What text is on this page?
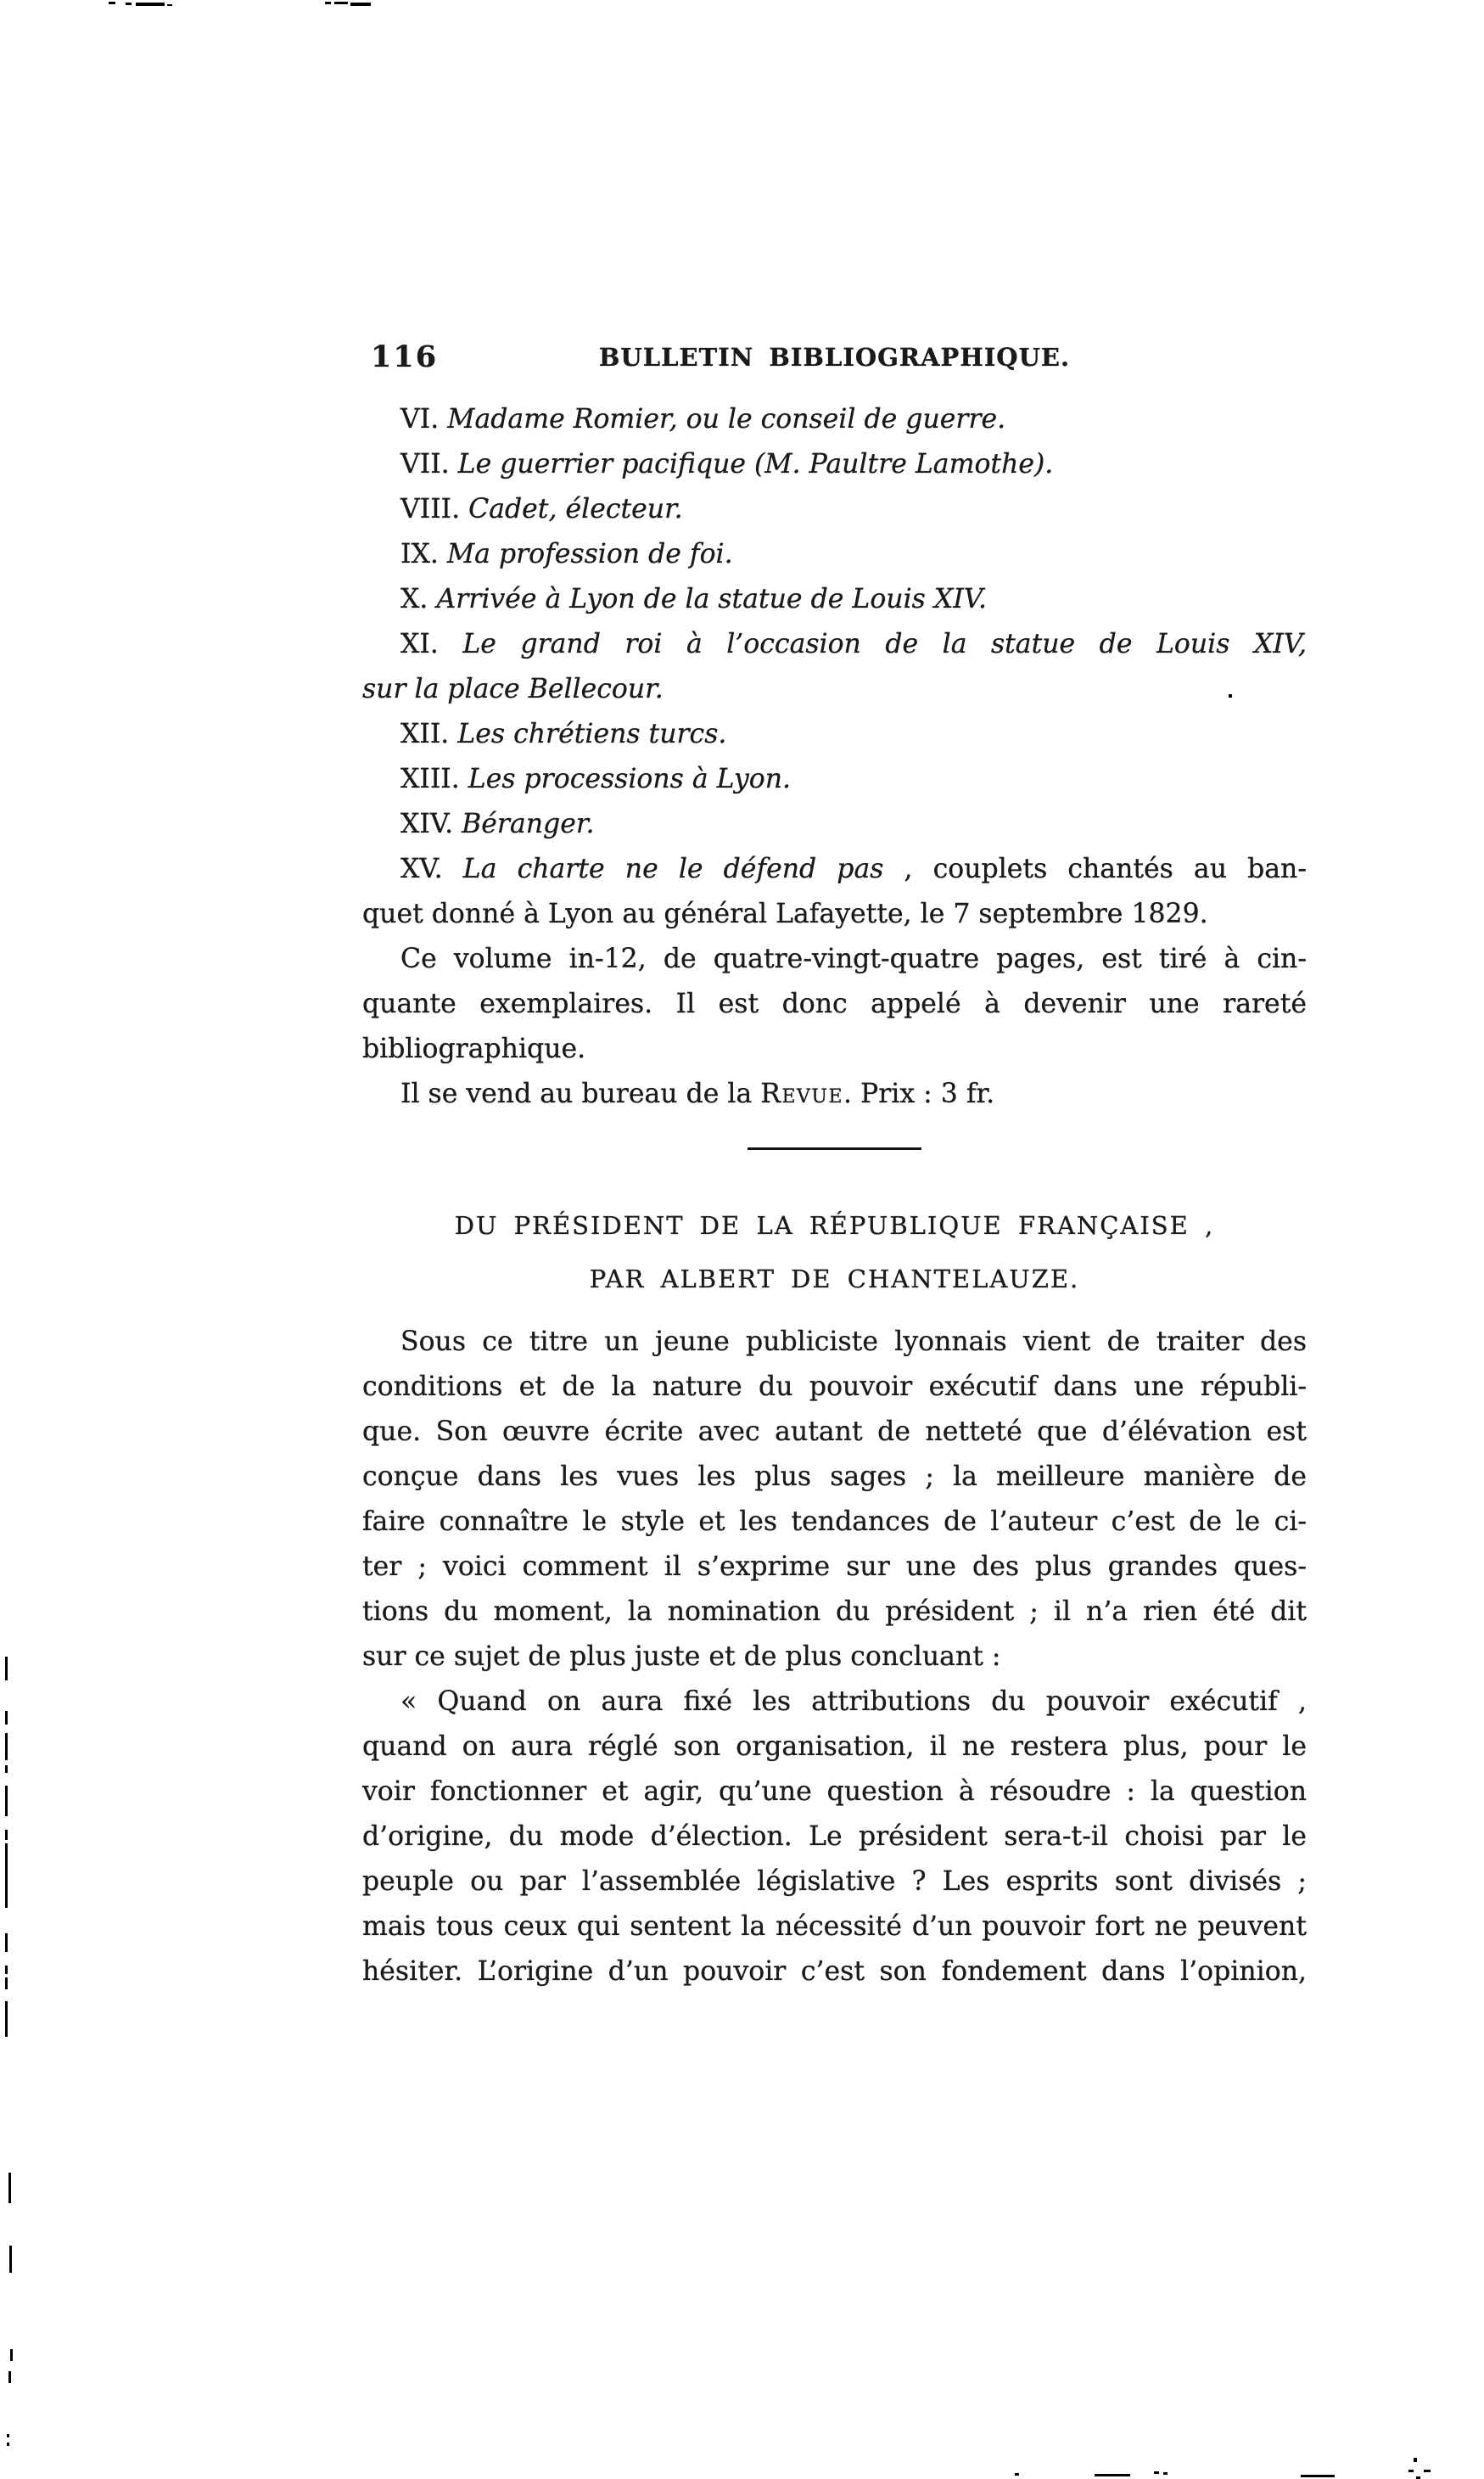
116	BULLETIN BIBLIOGRAPHIQUE.
VI. Madame Romier, ou le conseil de guerre.
VII. Le guerrier pacifique (M. Paultre Lamothe).
VIII. Cadet, électeur.
IX. Ma profession de foi.
X. Arrivée à Lyon de la statue de Louis XIV.
XI. Le grand roi à l’occasion de la statue de Louis XIV,
sur la place Bellecour.
XII. Les chrétiens turcs.
XIII. Les processions à Lyon.
XIV. Béranger.
XV. La charte ne le défend pas , couplets chantés au ban-
quet donné à Lyon au général Lafayette, le 7 septembre 1829.
Ce volume in-12, de quatre-vingt-quatre pages, est tiré à cin-
quante exemplaires. Il est donc appelé à devenir une rareté
bibliographique.
Il se vend au bureau de la Revue. Prix : 3 fr.
DU PRÉSIDENT DE LA RÉPUBLIQUE FRANÇAISE ,
PAR ALBERT DE CHANTELAUZE.
Sous ce titre un jeune publiciste lyonnais vient de traiter des
conditions et de la nature du pouvoir exécutif dans une républi-
que. Son œuvre écrite avec autant de netteté que d’élévation est
conçue dans les vues les plus sages ; la meilleure manière de
faire connaître le style et les tendances de l’auteur c’est de le ci-
ter ; voici comment il s’exprime sur une des plus grandes ques-
tions du moment, la nomination du président ; il n’a rien été dit
sur ce sujet de plus juste et de plus concluant :
« Quand on aura fixé les attributions du pouvoir exécutif ,
quand on aura réglé son organisation, il ne restera plus, pour le
voir fonctionner et agir, qu’une question à résoudre : la question
d’origine, du mode d’élection. Le président sera-t-il choisi par le
peuple ou par l’assemblée législative ? Les esprits sont divisés ;
mais tous ceux qui sentent la nécessité d’un pouvoir fort ne peuvent
hésiter. L’origine d’un pouvoir c’est son fondement dans l’opinion,
